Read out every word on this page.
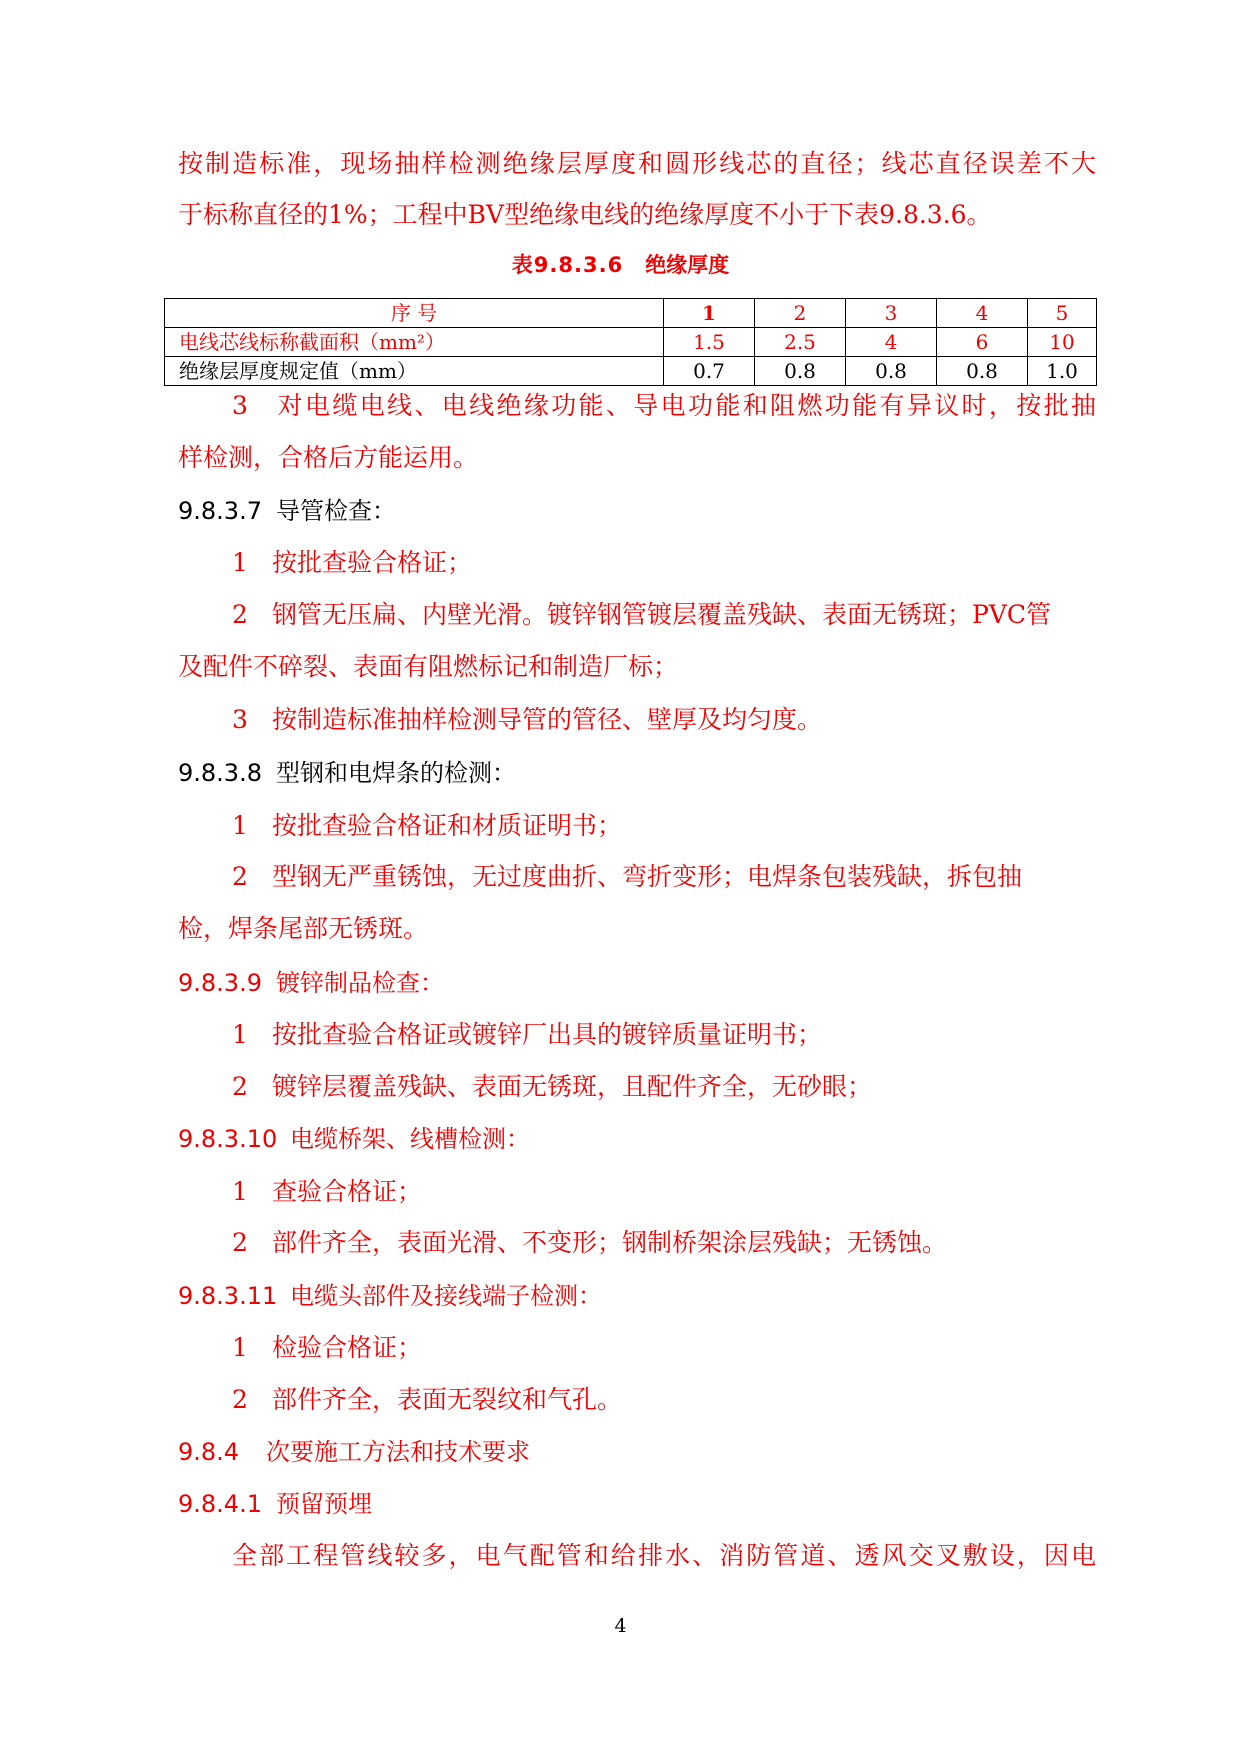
按制造标准，现场抽样检测绝缘层厚度和圆形线芯的直径；线芯直径误差不大
于标称直径的1%；工程中BV型绝缘电线的绝缘厚度不小于下表9.8.3.6。
表9.8.3.6 绝缘厚度
序 号	1	2	3	4	5
电线芯线标称截面积（mm²）	1.5	2.5	4	6	10
绝缘层厚度规定值（mm）	0.7	0.8	0.8	0.8	1.0
3　对电缆电线、电线绝缘功能、导电功能和阻燃功能有异议时，按批抽
样检测，合格后方能运用。
9.8.3.7 导管检查：
1 按批查验合格证；
2 钢管无压扁、内壁光滑。镀锌钢管镀层覆盖残缺、表面无锈斑；PVC管
及配件不碎裂、表面有阻燃标记和制造厂标；
3 按制造标准抽样检测导管的管径、壁厚及均匀度。
9.8.3.8 型钢和电焊条的检测：
1 按批查验合格证和材质证明书；
2 型钢无严重锈蚀，无过度曲折、弯折变形；电焊条包装残缺，拆包抽
检，焊条尾部无锈斑。
9.8.3.9 镀锌制品检查：
1 按批查验合格证或镀锌厂出具的镀锌质量证明书；
2 镀锌层覆盖残缺、表面无锈斑，且配件齐全，无砂眼；
9.8.3.10 电缆桥架、线槽检测：
1 查验合格证；
2 部件齐全，表面光滑、不变形；钢制桥架涂层残缺；无锈蚀。
9.8.3.11 电缆头部件及接线端子检测：
1 检验合格证；
2 部件齐全，表面无裂纹和气孔。
9.8.4 次要施工方法和技术要求
9.8.4.1 预留预埋
全部工程管线较多，电气配管和给排水、消防管道、透风交叉敷设，因电
4
